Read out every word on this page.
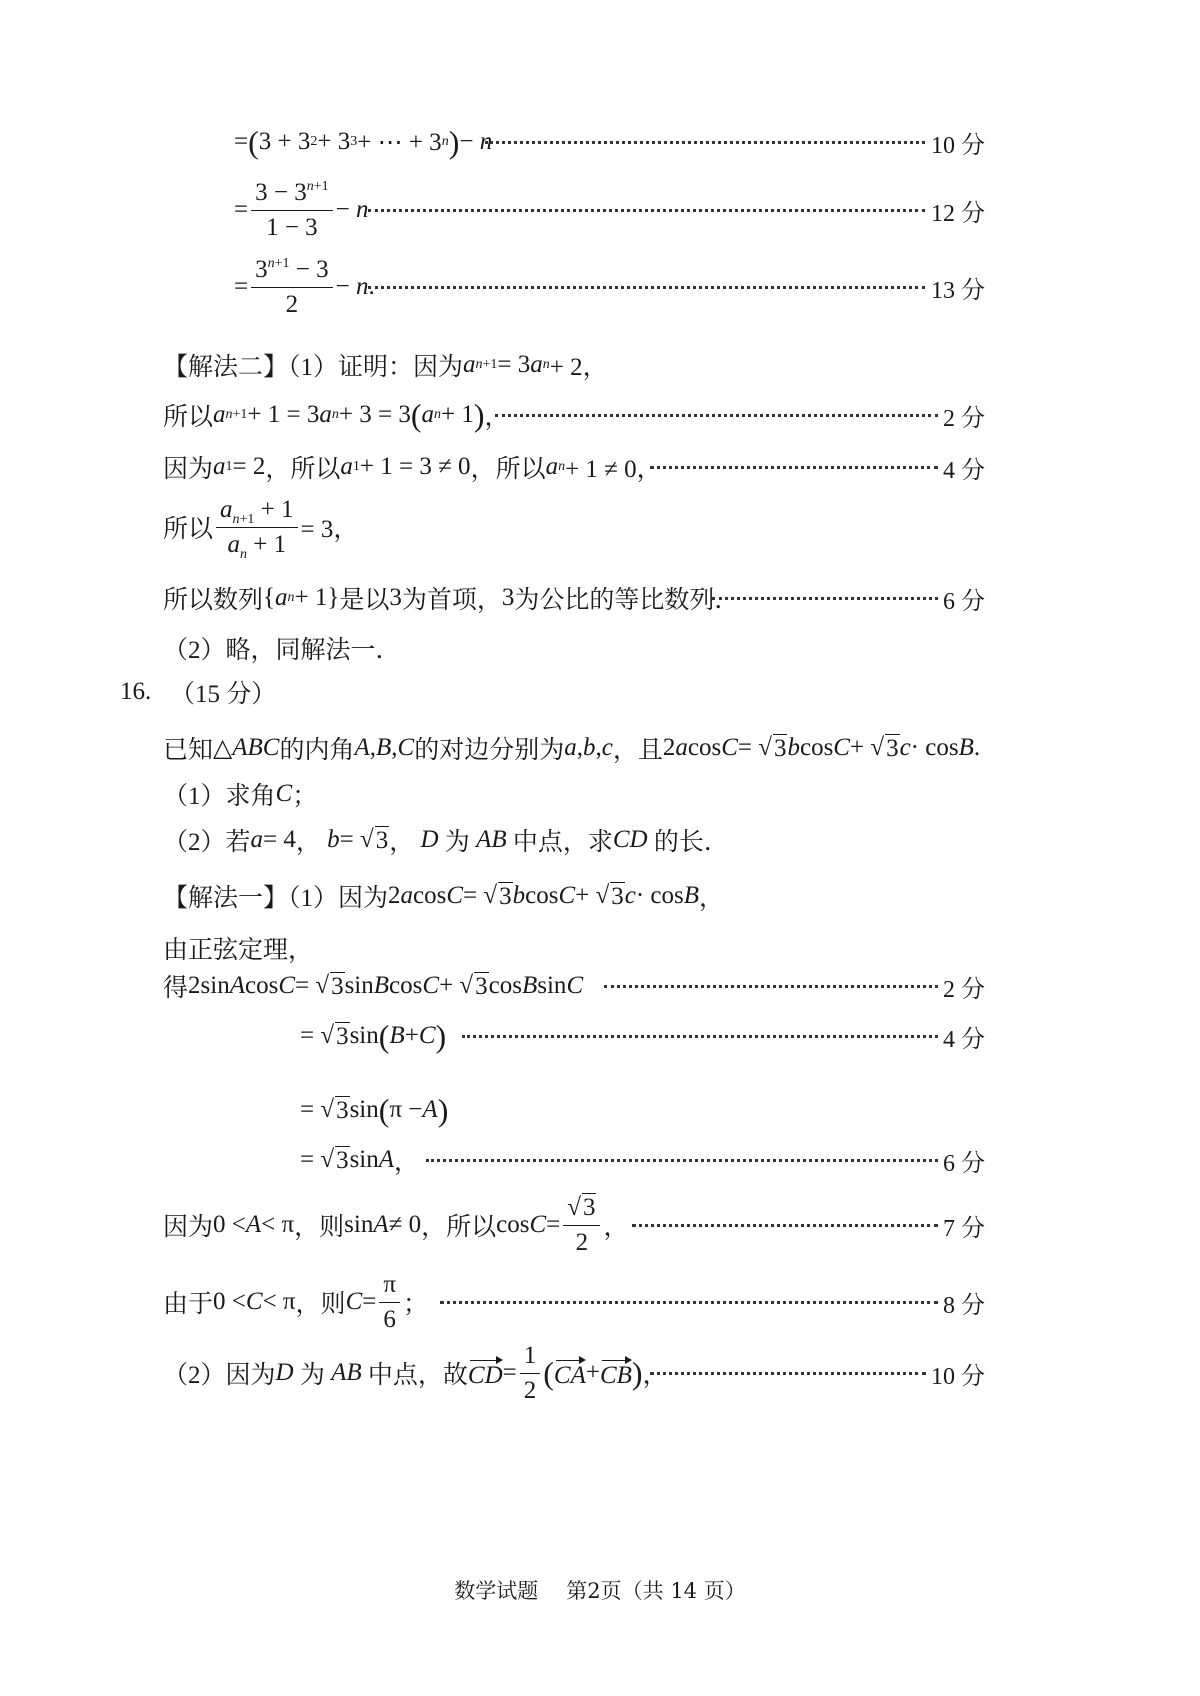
= ( 3 + 3 2 + 3 3 + ⋯ + 3 n ) − n	10 分
= $\frac{3 - 3^{n+1}}{1 - 3} - n$	12 分
= $\frac{3^{n+1} - 3}{2} - n$ .	13 分
【解法二】（1）证明：因为 a n+1 = 3 a n + 2，
所以 a n+1 + 1 = 3 a n + 3 = 3 ( a n + 1 ) ，	2 分
因为 a 1 = 2 ，所以 a 1 + 1 = 3 ≠ 0 ，所以 a n + 1 ≠ 0，	4 分
所以 $\frac{a_{n+1} + 1}{a_n + 1} = 3$，
所以数列 { a n + 1} 是以 3 为首项， 3 为公比的等比数列．	6 分
（2）略，同解法一．
16. （15 分）
已知 △ ABC 的内角 A , B , C 的对边分别为 a , b , c ，且 2 a cos C = √ 3 b cos C + √ 3 c · cos B .
（1）求角 C ；
（2）若 a = 4 ，
b = √ 3 ，
D
为
AB
中点，求 CD
的长．
【解法一】（1）因为 2 a cos C = √ 3 b cos C + √ 3 c · cos B ，
由正弦定理，
得 2sin A cos C = √ 3 sin B cos C + √ 3 cos B sin C	2 分
= √ 3 sin ( B + C )	4 分
= √ 3 sin ( π − A )
= √ 3 sin A ，	6 分
因为 0 < A < π ，则 sin A ≠ 0 ，所以 $\cos C = \frac{√3}{2}$ ，	7 分
由于 0 < C < π ，则 $C = \frac{\pi}{6}$ ；	8 分
（2）因为 D
为
AB
中点，故 CD = $\frac{1}{2}$ ( CA + CB ) ，	10 分
数学试题 第2页（共 14 页）
